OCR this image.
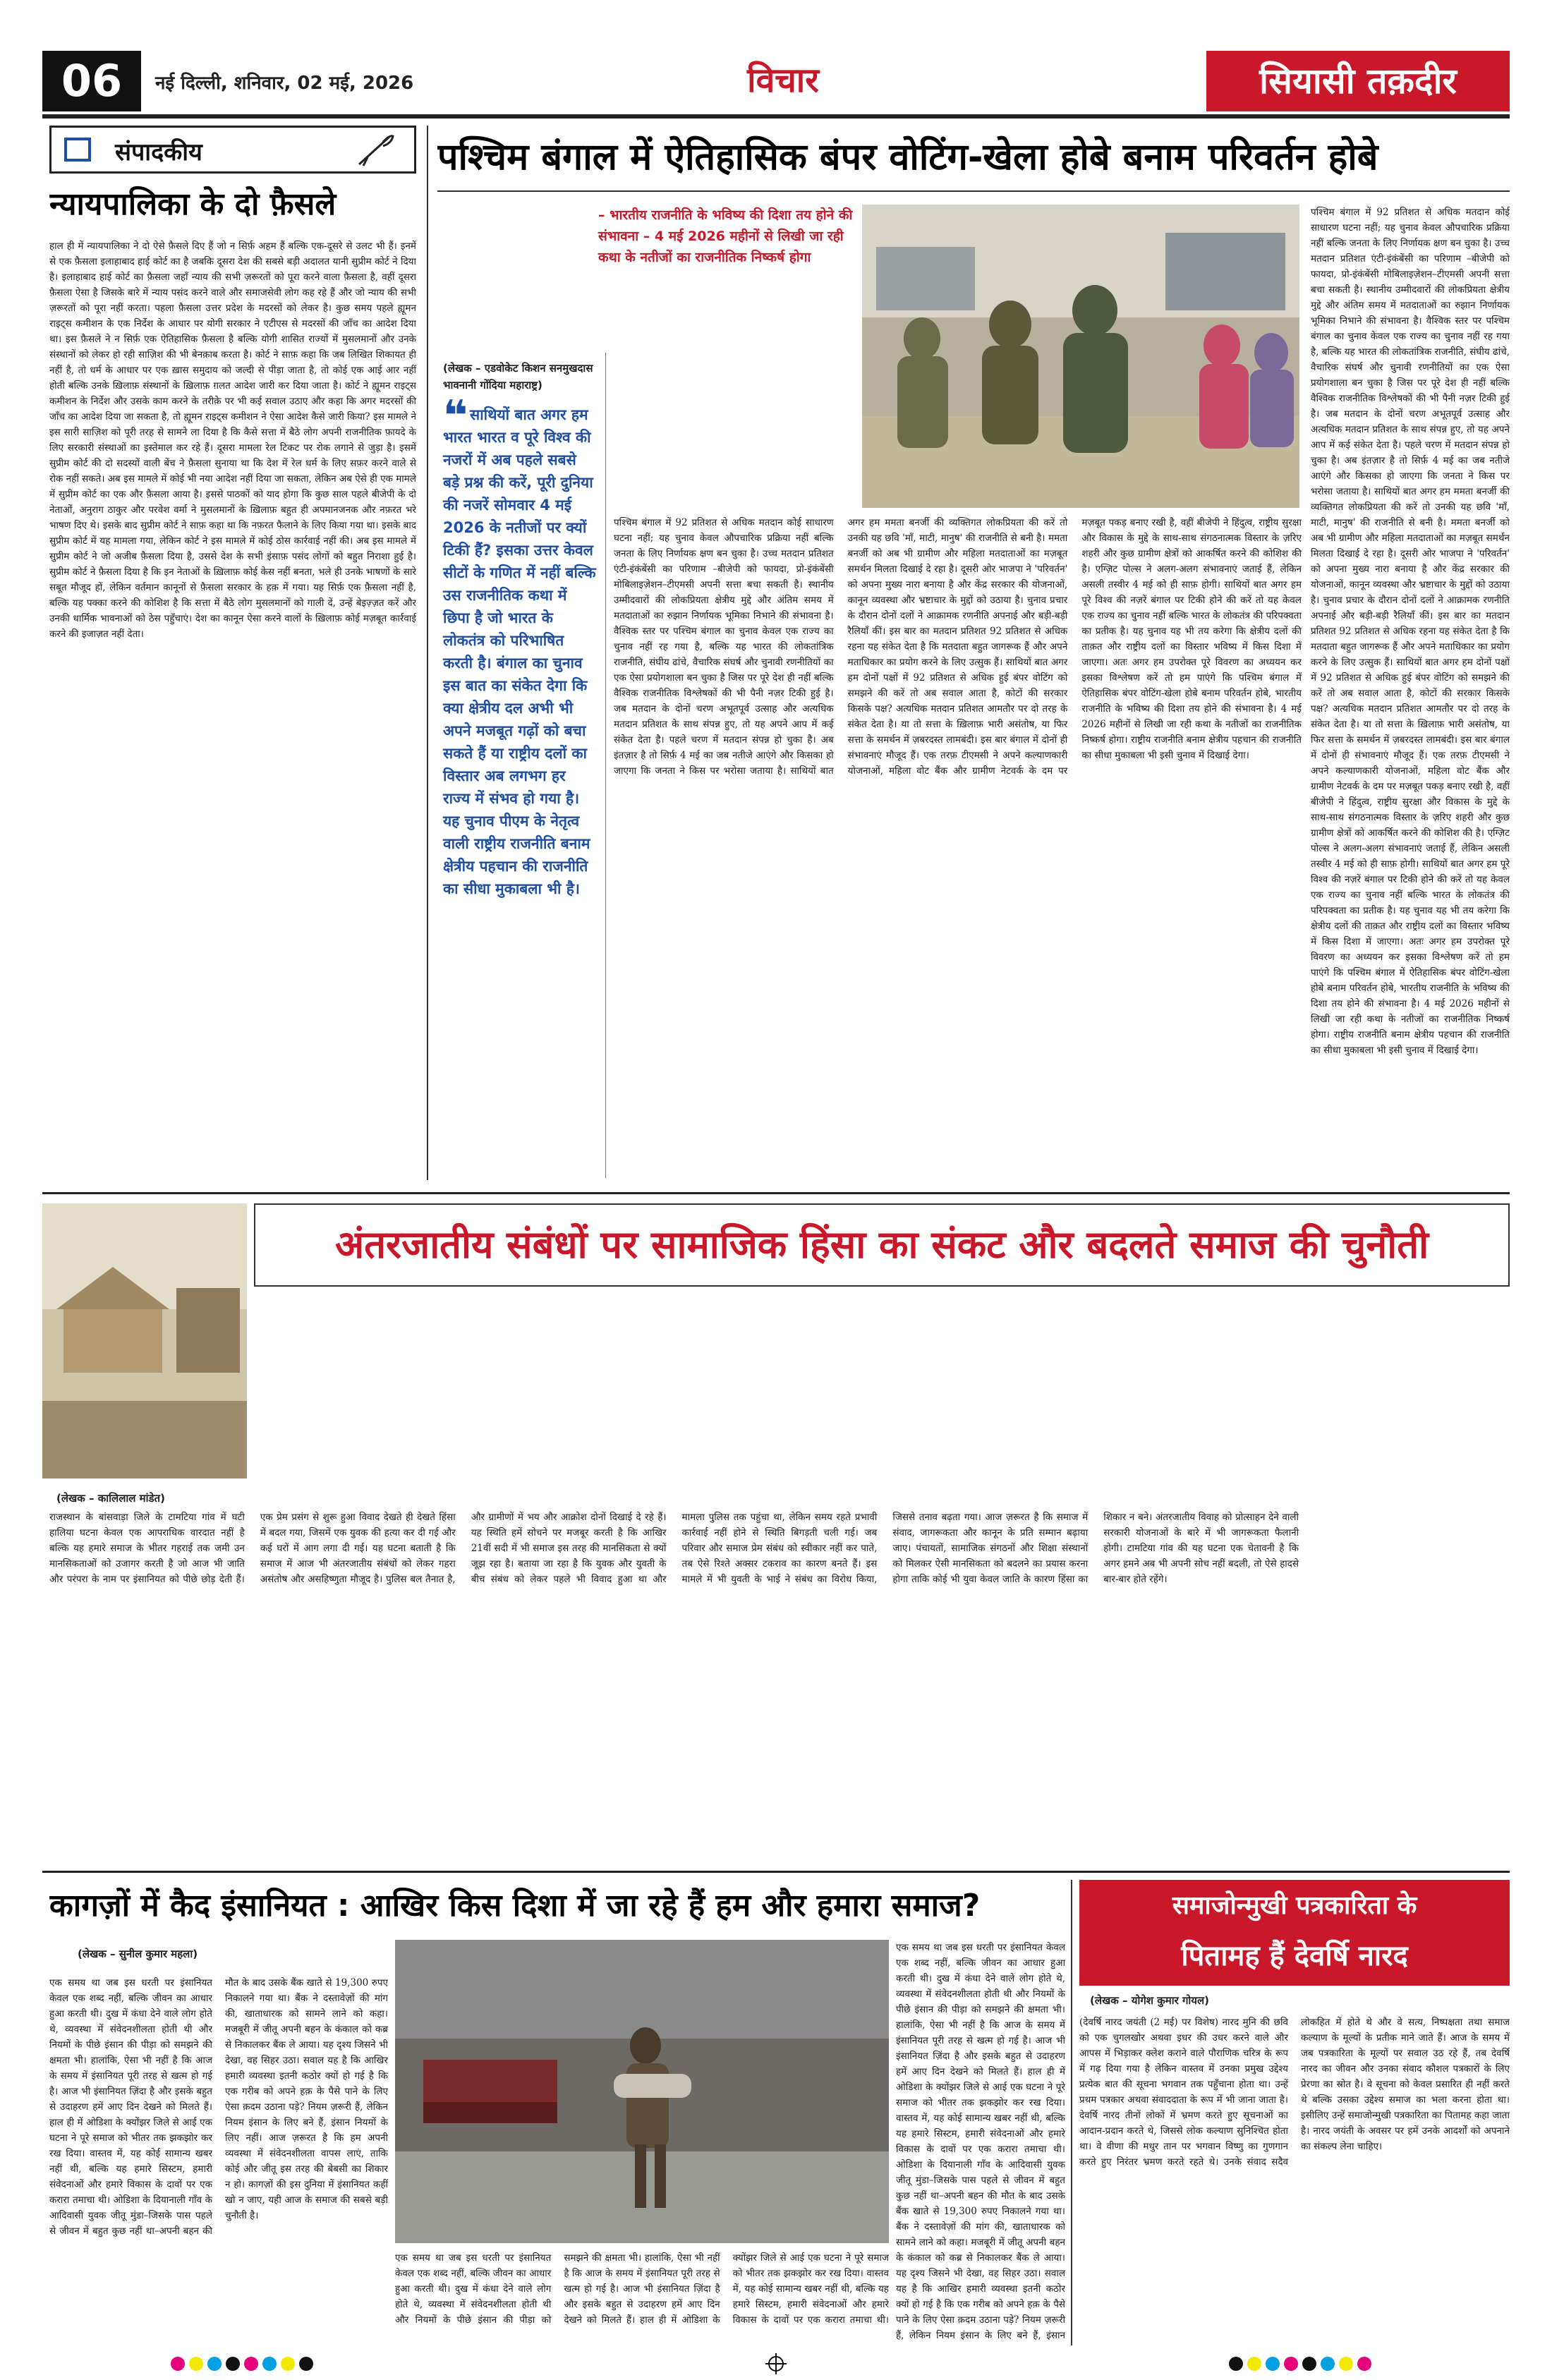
06	नई दिल्ली, शनिवार, 02 मई, 2026	विचार	सियासी तक़दीर
संपादकीय
न्यायपालिका के दो फ़ैसले
हाल ही में न्यायपालिका ने दो ऐसे फ़ैसले दिए हैं जो न सिर्फ़ अहम हैं बल्कि एक-दूसरे से उलट भी हैं। इनमें से एक फ़ैसला इलाहाबाद हाई कोर्ट का है जबकि दूसरा देश की सबसे बड़ी अदालत यानी सुप्रीम कोर्ट ने दिया है। इलाहाबाद हाई कोर्ट का फ़ैसला जहाँ न्याय की सभी ज़रूरतों को पूरा करने वाला फ़ैसला है, वहीं दूसरा फ़ैसला ऐसा है जिसके बारे में न्याय पसंद करने वाले और समाजसेवी लोग कह रहे हैं और जो न्याय की सभी ज़रूरतों को पूरा नहीं करता। पहला फ़ैसला उत्तर प्रदेश के मदरसों को लेकर है। कुछ समय पहले ह्यूमन राइट्स कमीशन के एक निर्देश के आधार पर योगी सरकार ने एटीएस से मदरसों की जाँच का आदेश दिया था। इस फ़ैसले ने न सिर्फ़ एक ऐतिहासिक फ़ैसला है बल्कि योगी शासित राज्यों में मुसलमानों और उनके संस्थानों को लेकर हो रही साज़िश की भी बेनक़ाब करता है। कोर्ट ने साफ़ कहा कि जब लिखित शिकायत ही नहीं है, तो धर्म के आधार पर एक ख़ास समुदाय को जल्दी से पीड़ा जाता है, तो कोई एक आई आर नहीं होती बल्कि उनके ख़िलाफ़ संस्थानों के ख़िलाफ़ ग़लत आदेश जारी कर दिया जाता है। कोर्ट ने ह्यूमन राइट्स कमीशन के निर्देश और उसके काम करने के तरीक़े पर भी कई सवाल उठाए और कहा कि अगर मदरसों की जाँच का आदेश दिया जा सकता है, तो ह्यूमन राइट्स कमीशन ने ऐसा आदेश कैसे जारी किया? इस मामले ने इस सारी साज़िश को पूरी तरह से सामने ला दिया है कि कैसे सत्ता में बैठे लोग अपनी राजनीतिक फ़ायदे के लिए सरकारी संस्थाओं का इस्तेमाल कर रहे हैं। दूसरा मामला रेल टिकट पर रोक लगाने से जुड़ा है। इसमें सुप्रीम कोर्ट की दो सदस्यों वाली बेंच ने फ़ैसला सुनाया था कि देश में रेल धर्म के लिए सफ़र करने वाले से रोक नहीं सकते। अब इस मामले में कोई भी नया आदेश नहीं दिया जा सकता, लेकिन अब ऐसे ही एक मामले में सुप्रीम कोर्ट का एक और फ़ैसला आया है। इससे पाठकों को याद होगा कि कुछ साल पहले बीजेपी के दो नेताओं, अनुराग ठाकुर और परवेश वर्मा ने मुसलमानों के ख़िलाफ़ बहुत ही अपमानजनक और नफ़रत भरे भाषण दिए थे। इसके बाद सुप्रीम कोर्ट ने साफ़ कहा था कि नफ़रत फैलाने के लिए किया गया था। इसके बाद सुप्रीम कोर्ट में यह मामला गया, लेकिन कोर्ट ने इस मामले में कोई ठोस कार्रवाई नहीं की। अब इस मामले में सुप्रीम कोर्ट ने जो अजीब फ़ैसला दिया है, उससे देश के सभी इंसाफ़ पसंद लोगों को बहुत निराशा हुई है। सुप्रीम कोर्ट ने फ़ैसला दिया है कि इन नेताओं के ख़िलाफ़ कोई केस नहीं बनता, भले ही उनके भाषणों के सारे सबूत मौजूद हों, लेकिन वर्तमान कानूनों से फ़ैसला सरकार के हक़ में गया। यह सिर्फ़ एक फ़ैसला नहीं है, बल्कि यह पक्का करने की कोशिश है कि सत्ता में बैठे लोग मुसलमानों को गाली दें, उन्हें बेइज़्ज़त करें और उनकी धार्मिक भावनाओं को ठेस पहुँचाएं। देश का कानून ऐसा करने वालों के ख़िलाफ़ कोई मज़बूत कार्रवाई करने की इजाज़त नहीं देता।
पश्चिम बंगाल में ऐतिहासिक बंपर वोटिंग-खेला होबे बनाम परिवर्तन होबे
– भारतीय राजनीति के भविष्य की दिशा तय होने की संभावना – 4 मई 2026 महीनों से लिखी जा रही कथा के नतीजों का राजनीतिक निष्कर्ष होगा
(लेखक – एडवोकेट किशन सनमुखदास भावनानी गोंदिया महाराष्ट्र)
❝ साथियों बात अगर हम भारत भारत व पूरे विश्व की नजरों में अब पहले सबसे बड़े प्रश्न की करें, पूरी दुनिया की नजरें सोमवार 4 मई 2026 के नतीजों पर क्यों टिकी हैं? इसका उत्तर केवल सीटों के गणित में नहीं बल्कि उस राजनीतिक कथा में छिपा है जो भारत के लोकतंत्र को परिभाषित करती है। बंगाल का चुनाव इस बात का संकेत देगा कि क्या क्षेत्रीय दल अभी भी अपने मजबूत गढ़ों को बचा सकते हैं या राष्ट्रीय दलों का विस्तार अब लगभग हर राज्य में संभव हो गया है। यह चुनाव पीएम के नेतृत्व वाली राष्ट्रीय राजनीति बनाम क्षेत्रीय पहचान की राजनीति का सीधा मुकाबला भी है।
पश्चिम बंगाल में 92 प्रतिशत से अधिक मतदान कोई साधारण घटना नहीं; यह चुनाव केवल औपचारिक प्रक्रिया नहीं बल्कि जनता के लिए निर्णायक क्षण बन चुका है। उच्च मतदान प्रतिशत एंटी-इंकंबेंसी का परिणाम –बीजेपी को फायदा, प्रो-इंकंबेंसी मोबिलाइज़ेशन–टीएमसी अपनी सत्ता बचा सकती है। स्थानीय उम्मीदवारों की लोकप्रियता क्षेत्रीय मुद्दे और अंतिम समय में मतदाताओं का रुझान निर्णायक भूमिका निभाने की संभावना है। वैश्विक स्तर पर पश्चिम बंगाल का चुनाव केवल एक राज्य का चुनाव नहीं रह गया है, बल्कि यह भारत की लोकतांत्रिक राजनीति, संघीय ढांचे, वैचारिक संघर्ष और चुनावी रणनीतियों का एक ऐसा प्रयोगशाला बन चुका है जिस पर पूरे देश ही नहीं बल्कि वैश्विक राजनीतिक विश्लेषकों की भी पैनी नज़र टिकी हुई है। जब मतदान के दोनों चरण अभूतपूर्व उत्साह और अत्यधिक मतदान प्रतिशत के साथ संपन्न हुए, तो यह अपने आप में कई संकेत देता है। पहले चरण में मतदान संपन्न हो चुका है। अब इंतज़ार है तो सिर्फ़ 4 मई का जब नतीजे आएंगे और किसका हो जाएगा कि जनता ने किस पर भरोसा जताया है। साथियों बात अगर हम ममता बनर्जी की व्यक्तिगत लोकप्रियता की करें तो उनकी यह छवि 'माँ, माटी, मानुष' की राजनीति से बनी है। ममता बनर्जी को अब भी ग्रामीण और महिला मतदाताओं का मज़बूत समर्थन मिलता दिखाई दे रहा है। दूसरी ओर भाजपा ने 'परिवर्तन' को अपना मुख्य नारा बनाया है और केंद्र सरकार की योजनाओं, कानून व्यवस्था और भ्रष्टाचार के मुद्दों को उठाया है। चुनाव प्रचार के दौरान दोनों दलों ने आक्रामक रणनीति अपनाई और बड़ी-बड़ी रैलियाँ कीं। इस बार का मतदान प्रतिशत 92 प्रतिशत से अधिक रहना यह संकेत देता है कि मतदाता बहुत जागरूक हैं और अपने मताधिकार का प्रयोग करने के लिए उत्सुक हैं। साथियों बात अगर हम दोनों पक्षों में 92 प्रतिशत से अधिक हुई बंपर वोटिंग को समझने की करें तो अब सवाल आता है, कोटों की सरकार किसके पक्ष? अत्यधिक मतदान प्रतिशत आमतौर पर दो तरह के संकेत देता है। या तो सत्ता के ख़िलाफ़ भारी असंतोष, या फिर सत्ता के समर्थन में ज़बरदस्त लामबंदी। इस बार बंगाल में दोनों ही संभावनाएं मौजूद हैं। एक तरफ़ टीएमसी ने अपने कल्याणकारी योजनाओं, महिला वोट बैंक और ग्रामीण नेटवर्क के दम पर मज़बूत पकड़ बनाए रखी है, वहीं बीजेपी ने हिंदुत्व, राष्ट्रीय सुरक्षा और विकास के मुद्दे के साथ-साथ संगठनात्मक विस्तार के ज़रिए शहरी और कुछ ग्रामीण क्षेत्रों को आकर्षित करने की कोशिश की है। एग्ज़िट पोल्स ने अलग-अलग संभावनाएं जताई हैं, लेकिन असली तस्वीर 4 मई को ही साफ़ होगी। साथियों बात अगर हम पूरे विश्व की नज़रें बंगाल पर टिकी होने की करें तो यह केवल एक राज्य का चुनाव नहीं बल्कि भारत के लोकतंत्र की परिपक्वता का प्रतीक है। यह चुनाव यह भी तय करेगा कि क्षेत्रीय दलों की ताक़त और राष्ट्रीय दलों का विस्तार भविष्य में किस दिशा में जाएगा। अतः अगर हम उपरोक्त पूरे विवरण का अध्ययन कर इसका विश्लेषण करें तो हम पाएंगे कि पश्चिम बंगाल में ऐतिहासिक बंपर वोटिंग-खेला होबे बनाम परिवर्तन होबे, भारतीय राजनीति के भविष्य की दिशा तय होने की संभावना है। 4 मई 2026 महीनों से लिखी जा रही कथा के नतीजों का राजनीतिक निष्कर्ष होगा। राष्ट्रीय राजनीति बनाम क्षेत्रीय पहचान की राजनीति का सीधा मुकाबला भी इसी चुनाव में दिखाई देगा।
पश्चिम बंगाल में 92 प्रतिशत से अधिक मतदान कोई साधारण घटना नहीं; यह चुनाव केवल औपचारिक प्रक्रिया नहीं बल्कि जनता के लिए निर्णायक क्षण बन चुका है। उच्च मतदान प्रतिशत एंटी-इंकंबेंसी का परिणाम –बीजेपी को फायदा, प्रो-इंकंबेंसी मोबिलाइज़ेशन–टीएमसी अपनी सत्ता बचा सकती है। स्थानीय उम्मीदवारों की लोकप्रियता क्षेत्रीय मुद्दे और अंतिम समय में मतदाताओं का रुझान निर्णायक भूमिका निभाने की संभावना है। वैश्विक स्तर पर पश्चिम बंगाल का चुनाव केवल एक राज्य का चुनाव नहीं रह गया है, बल्कि यह भारत की लोकतांत्रिक राजनीति, संघीय ढांचे, वैचारिक संघर्ष और चुनावी रणनीतियों का एक ऐसा प्रयोगशाला बन चुका है जिस पर पूरे देश ही नहीं बल्कि वैश्विक राजनीतिक विश्लेषकों की भी पैनी नज़र टिकी हुई है। जब मतदान के दोनों चरण अभूतपूर्व उत्साह और अत्यधिक मतदान प्रतिशत के साथ संपन्न हुए, तो यह अपने आप में कई संकेत देता है। पहले चरण में मतदान संपन्न हो चुका है। अब इंतज़ार है तो सिर्फ़ 4 मई का जब नतीजे आएंगे और किसका हो जाएगा कि जनता ने किस पर भरोसा जताया है। साथियों बात अगर हम ममता बनर्जी की व्यक्तिगत लोकप्रियता की करें तो उनकी यह छवि 'माँ, माटी, मानुष' की राजनीति से बनी है। ममता बनर्जी को अब भी ग्रामीण और महिला मतदाताओं का मज़बूत समर्थन मिलता दिखाई दे रहा है। दूसरी ओर भाजपा ने 'परिवर्तन' को अपना मुख्य नारा बनाया है और केंद्र सरकार की योजनाओं, कानून व्यवस्था और भ्रष्टाचार के मुद्दों को उठाया है। चुनाव प्रचार के दौरान दोनों दलों ने आक्रामक रणनीति अपनाई और बड़ी-बड़ी रैलियाँ कीं। इस बार का मतदान प्रतिशत 92 प्रतिशत से अधिक रहना यह संकेत देता है कि मतदाता बहुत जागरूक हैं और अपने मताधिकार का प्रयोग करने के लिए उत्सुक हैं। साथियों बात अगर हम दोनों पक्षों में 92 प्रतिशत से अधिक हुई बंपर वोटिंग को समझने की करें तो अब सवाल आता है, कोटों की सरकार किसके पक्ष? अत्यधिक मतदान प्रतिशत आमतौर पर दो तरह के संकेत देता है। या तो सत्ता के ख़िलाफ़ भारी असंतोष, या फिर सत्ता के समर्थन में ज़बरदस्त लामबंदी। इस बार बंगाल में दोनों ही संभावनाएं मौजूद हैं। एक तरफ़ टीएमसी ने अपने कल्याणकारी योजनाओं, महिला वोट बैंक और ग्रामीण नेटवर्क के दम पर मज़बूत पकड़ बनाए रखी है, वहीं बीजेपी ने हिंदुत्व, राष्ट्रीय सुरक्षा और विकास के मुद्दे के साथ-साथ संगठनात्मक विस्तार के ज़रिए शहरी और कुछ ग्रामीण क्षेत्रों को आकर्षित करने की कोशिश की है। एग्ज़िट पोल्स ने अलग-अलग संभावनाएं जताई हैं, लेकिन असली तस्वीर 4 मई को ही साफ़ होगी। साथियों बात अगर हम पूरे विश्व की नज़रें बंगाल पर टिकी होने की करें तो यह केवल एक राज्य का चुनाव नहीं बल्कि भारत के लोकतंत्र की परिपक्वता का प्रतीक है। यह चुनाव यह भी तय करेगा कि क्षेत्रीय दलों की ताक़त और राष्ट्रीय दलों का विस्तार भविष्य में किस दिशा में जाएगा। अतः अगर हम उपरोक्त पूरे विवरण का अध्ययन कर इसका विश्लेषण करें तो हम पाएंगे कि पश्चिम बंगाल में ऐतिहासिक बंपर वोटिंग-खेला होबे बनाम परिवर्तन होबे, भारतीय राजनीति के भविष्य की दिशा तय होने की संभावना है। 4 मई 2026 महीनों से लिखी जा रही कथा के नतीजों का राजनीतिक निष्कर्ष होगा। राष्ट्रीय राजनीति बनाम क्षेत्रीय पहचान की राजनीति का सीधा मुकाबला भी इसी चुनाव में दिखाई देगा।
अंतरजातीय संबंधों पर सामाजिक हिंसा का संकट और बदलते समाज की चुनौती
(लेखक – कालिलाल मांडेत)
राजस्थान के बांसवाड़ा जिले के टामटिया गांव में घटी हालिया घटना केवल एक आपराधिक वारदात नहीं है बल्कि यह हमारे समाज के भीतर गहराई तक जमी उन मानसिकताओं को उजागर करती है जो आज भी जाति और परंपरा के नाम पर इंसानियत को पीछे छोड़ देती हैं। एक प्रेम प्रसंग से शुरू हुआ विवाद देखते ही देखते हिंसा में बदल गया, जिसमें एक युवक की हत्या कर दी गई और कई घरों में आग लगा दी गई। यह घटना बताती है कि समाज में आज भी अंतरजातीय संबंधों को लेकर गहरा असंतोष और असहिष्णुता मौजूद है। पुलिस बल तैनात है, और ग्रामीणों में भय और आक्रोश दोनों दिखाई दे रहे हैं। यह स्थिति हमें सोचने पर मजबूर करती है कि आखिर 21वीं सदी में भी समाज इस तरह की मानसिकता से क्यों जूझ रहा है। बताया जा रहा है कि युवक और युवती के बीच संबंध को लेकर पहले भी विवाद हुआ था और मामला पुलिस तक पहुंचा था, लेकिन समय रहते प्रभावी कार्रवाई नहीं होने से स्थिति बिगड़ती चली गई। जब परिवार और समाज प्रेम संबंध को स्वीकार नहीं कर पाते, तब ऐसे रिश्ते अक्सर टकराव का कारण बनते हैं। इस मामले में भी युवती के भाई ने संबंध का विरोध किया, जिससे तनाव बढ़ता गया। आज ज़रूरत है कि समाज में संवाद, जागरूकता और कानून के प्रति सम्मान बढ़ाया जाए। पंचायतों, सामाजिक संगठनों और शिक्षा संस्थानों को मिलकर ऐसी मानसिकता को बदलने का प्रयास करना होगा ताकि कोई भी युवा केवल जाति के कारण हिंसा का शिकार न बने। अंतरजातीय विवाह को प्रोत्साहन देने वाली सरकारी योजनाओं के बारे में भी जागरूकता फैलानी होगी। टामटिया गांव की यह घटना एक चेतावनी है कि अगर हमने अब भी अपनी सोच नहीं बदली, तो ऐसे हादसे बार-बार होते रहेंगे।
कागज़ों में कैद इंसानियत : आखिर किस दिशा में जा रहे हैं हम और हमारा समाज?
(लेखक – सुनील कुमार महला)
एक समय था जब इस धरती पर इंसानियत केवल एक शब्द नहीं, बल्कि जीवन का आधार हुआ करती थी। दुख में कंधा देने वाले लोग होते थे, व्यवस्था में संवेदनशीलता होती थी और नियमों के पीछे इंसान की पीड़ा को समझने की क्षमता भी। हालांकि, ऐसा भी नहीं है कि आज के समय में इंसानियत पूरी तरह से खत्म हो गई है। आज भी इंसानियत ज़िंदा है और इसके बहुत से उदाहरण हमें आए दिन देखने को मिलते हैं। हाल ही में ओडिशा के क्योंझर जिले से आई एक घटना ने पूरे समाज को भीतर तक झकझोर कर रख दिया। वास्तव में, यह कोई सामान्य खबर नहीं थी, बल्कि यह हमारे सिस्टम, हमारी संवेदनाओं और हमारे विकास के दावों पर एक करारा तमाचा थी। ओडिशा के दियानाली गाँव के आदिवासी युवक जीतू मुंडा–जिसके पास पहले से जीवन में बहुत कुछ नहीं था–अपनी बहन की मौत के बाद उसके बैंक खाते से 19,300 रुपए निकालने गया था। बैंक ने दस्तावेज़ों की मांग की, खाताधारक को सामने लाने को कहा। मजबूरी में जीतू अपनी बहन के कंकाल को कब्र से निकालकर बैंक ले आया। यह दृश्य जिसने भी देखा, वह सिहर उठा। सवाल यह है कि आखिर हमारी व्यवस्था इतनी कठोर क्यों हो गई है कि एक गरीब को अपने हक़ के पैसे पाने के लिए ऐसा क़दम उठाना पड़े? नियम ज़रूरी हैं, लेकिन नियम इंसान के लिए बने हैं, इंसान नियमों के लिए नहीं। आज ज़रूरत है कि हम अपनी व्यवस्था में संवेदनशीलता वापस लाएं, ताकि कोई और जीतू इस तरह की बेबसी का शिकार न हो। कागज़ों की इस दुनिया में इंसानियत कहीं खो न जाए, यही आज के समाज की सबसे बड़ी चुनौती है।
एक समय था जब इस धरती पर इंसानियत केवल एक शब्द नहीं, बल्कि जीवन का आधार हुआ करती थी। दुख में कंधा देने वाले लोग होते थे, व्यवस्था में संवेदनशीलता होती थी और नियमों के पीछे इंसान की पीड़ा को समझने की क्षमता भी। हालांकि, ऐसा भी नहीं है कि आज के समय में इंसानियत पूरी तरह से खत्म हो गई है। आज भी इंसानियत ज़िंदा है और इसके बहुत से उदाहरण हमें आए दिन देखने को मिलते हैं। हाल ही में ओडिशा के क्योंझर जिले से आई एक घटना ने पूरे समाज को भीतर तक झकझोर कर रख दिया। वास्तव में, यह कोई सामान्य खबर नहीं थी, बल्कि यह हमारे सिस्टम, हमारी संवेदनाओं और हमारे विकास के दावों पर एक करारा तमाचा थी। ओडिशा के दियानाली गाँव के आदिवासी युवक जीतू मुंडा–जिसके पास पहले से जीवन में बहुत कुछ नहीं था–अपनी बहन की मौत के बाद उसके बैंक खाते से 19,300 रुपए निकालने गया था। बैंक ने दस्तावेज़ों की मांग की, खाताधारक को सामने लाने को कहा। मजबूरी में जीतू अपनी बहन के कंकाल को कब्र से निकालकर बैंक ले आया। यह दृश्य जिसने भी देखा, वह सिहर उठा। सवाल यह है कि आखिर हमारी व्यवस्था इतनी कठोर क्यों हो गई है कि एक गरीब को अपने हक़ के पैसे पाने के लिए ऐसा क़दम उठाना पड़े? नियम ज़रूरी हैं, लेकिन नियम इंसान के लिए बने हैं, इंसान
एक समय था जब इस धरती पर इंसानियत केवल एक शब्द नहीं, बल्कि जीवन का आधार हुआ करती थी। दुख में कंधा देने वाले लोग होते थे, व्यवस्था में संवेदनशीलता होती थी और नियमों के पीछे इंसान की पीड़ा को समझने की क्षमता भी। हालांकि, ऐसा भी नहीं है कि आज के समय में इंसानियत पूरी तरह से खत्म हो गई है। आज भी इंसानियत ज़िंदा है और इसके बहुत से उदाहरण हमें आए दिन देखने को मिलते हैं। हाल ही में ओडिशा के क्योंझर जिले से आई एक घटना ने पूरे समाज को भीतर तक झकझोर कर रख दिया। वास्तव में, यह कोई सामान्य खबर नहीं थी, बल्कि यह हमारे सिस्टम, हमारी संवेदनाओं और हमारे विकास के दावों पर एक करारा तमाचा थी।
समाजोन्मुखी पत्रकारिता के
पितामह हैं देवर्षि नारद
(लेखक – योगेश कुमार गोयल)
(देवर्षि नारद जयंती (2 मई) पर विशेष) नारद मुनि की छवि को एक चुगलखोर अथवा इधर की उधर करने वाले और आपस में भिड़ाकर क्लेश कराने वाले पौराणिक चरित्र के रूप में गढ़ दिया गया है लेकिन वास्तव में उनका प्रमुख उद्देश्य प्रत्येक बात की सूचना भगवान तक पहुँचाना होता था। उन्हें प्रथम पत्रकार अथवा संवाददाता के रूप में भी जाना जाता है। देवर्षि नारद तीनों लोकों में भ्रमण करते हुए सूचनाओं का आदान-प्रदान करते थे, जिससे लोक कल्याण सुनिश्चित होता था। वे वीणा की मधुर तान पर भगवान विष्णु का गुणगान करते हुए निरंतर भ्रमण करते रहते थे। उनके संवाद सदैव लोकहित में होते थे और वे सत्य, निष्पक्षता तथा समाज कल्याण के मूल्यों के प्रतीक माने जाते हैं। आज के समय में जब पत्रकारिता के मूल्यों पर सवाल उठ रहे हैं, तब देवर्षि नारद का जीवन और उनका संवाद कौशल पत्रकारों के लिए प्रेरणा का स्रोत है। वे सूचना को केवल प्रसारित ही नहीं करते थे बल्कि उसका उद्देश्य समाज का भला करना होता था। इसीलिए उन्हें समाजोन्मुखी पत्रकारिता का पितामह कहा जाता है। नारद जयंती के अवसर पर हमें उनके आदर्शों को अपनाने का संकल्प लेना चाहिए।
